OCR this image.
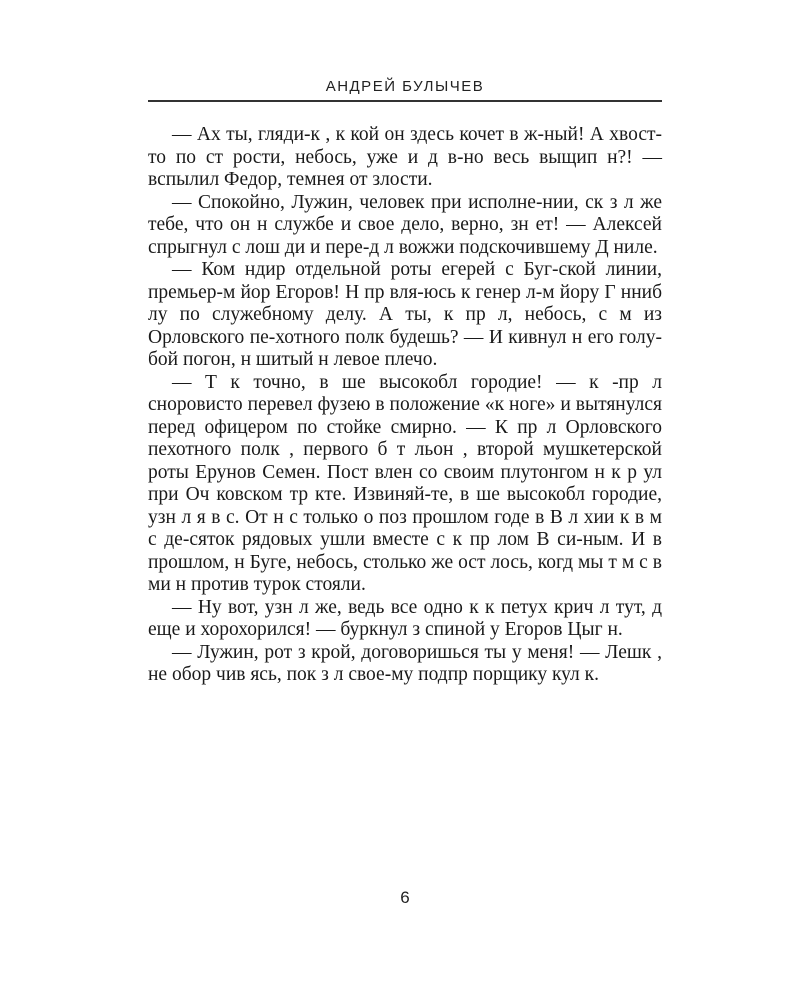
АНДРЕЙ БУЛЫЧЕВ

— Ах ты, гляди-к , к кой он здесь кочет в ж-ный! А хвост-то по ст рости, небось, уже и д в-но весь выщип н?! — вспылил Федор, темнея от злости.

— Спокойно, Лужин, человек при исполне-нии, ск з л же тебе, что он н службе и свое дело, верно, зн ет! — Алексей спрыгнул с лош ди и пере-д л вожжи подскочившему Д ниле.

— Ком ндир отдельной роты егерей с Буг-ской линии, премьер-м йор Егоров! Н пр вля-юсь к генер л-м йору Г нниб лу по служебному делу. А ты, к пр л, небось, с м из Орловского пе-хотного полк будешь? — И кивнул н его голу-бой погон, н шитый н левое плечо.

— Т к точно, в ше высокобл городие! — к -пр л сноровисто перевел фузею в положение «к ноге» и вытянулся перед офицером по стойке смирно. — К пр л Орловского пехотного полк , первого б т льон , второй мушкетерской роты Ерунов Семен. Пост влен со своим плутонгом н к р ул при Оч ковском тр кте. Извиняй-те, в ше высокобл городие, узн л я в с. От н с только о поз прошлом годе в В л хии к в м с де-сяток рядовых ушли вместе с к пр лом В си-ным. И в прошлом, н Буге, небось, столько же ост лось, когд мы т м с в ми н против турок стояли.

— Ну вот, узн л же, ведь все одно к к петух крич л тут, д еще и хорохорился! — буркнул з спиной у Егоров Цыг н.

— Лужин, рот з крой, договоришься ты у меня! — Лешк , не обор чив ясь, пок з л свое-му подпр порщику кул к.

6
